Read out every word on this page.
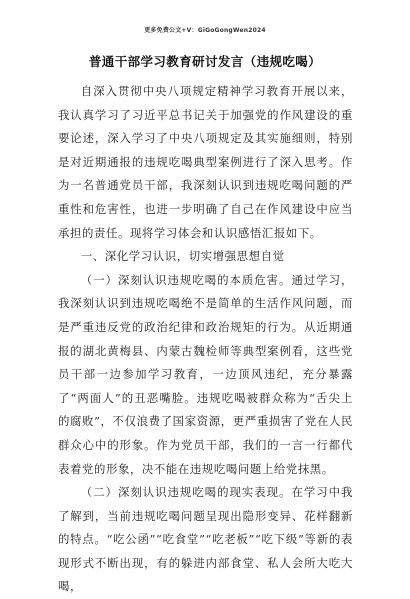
更多免费公文+V：GiGoGongWen2024
普通干部学习教育研讨发言（违规吃喝）

自深入贯彻中央八项规定精神学习教育开展以来，我认真学习了习近平总书记关于加强党的作风建设的重要论述，深入学习了中央八项规定及其实施细则，特别是对近期通报的违规吃喝典型案例进行了深入思考。作为一名普通党员干部，我深刻认识到违规吃喝问题的严重性和危害性，也进一步明确了自己在作风建设中应当承担的责任。现将学习体会和认识感悟汇报如下。

一、深化学习认识，切实增强思想自觉

（一）深刻认识违规吃喝的本质危害。通过学习，我深刻认识到违规吃喝绝不是简单的生活作风问题，而是严重违反党的政治纪律和政治规矩的行为。从近期通报的湖北黄梅县、内蒙古魏检师等典型案例看，这些党员干部一边参加学习教育，一边顶风违纪，充分暴露了“两面人”的丑恶嘴脸。违规吃喝被群众称为“舌尖上的腐败”，不仅浪费了国家资源，更严重损害了党在人民群众心中的形象。作为党员干部，我们的一言一行都代表着党的形象，决不能在违规吃喝问题上给党抹黑。

（二）深刻认识违规吃喝的现实表现。在学习中我了解到，当前违规吃喝问题呈现出隐形变异、花样翻新的特点。“吃公函”“吃食堂”“吃老板”“吃下级”等新的表现形式不断出现，有的躲进内部食堂、私人会所大吃大喝，
